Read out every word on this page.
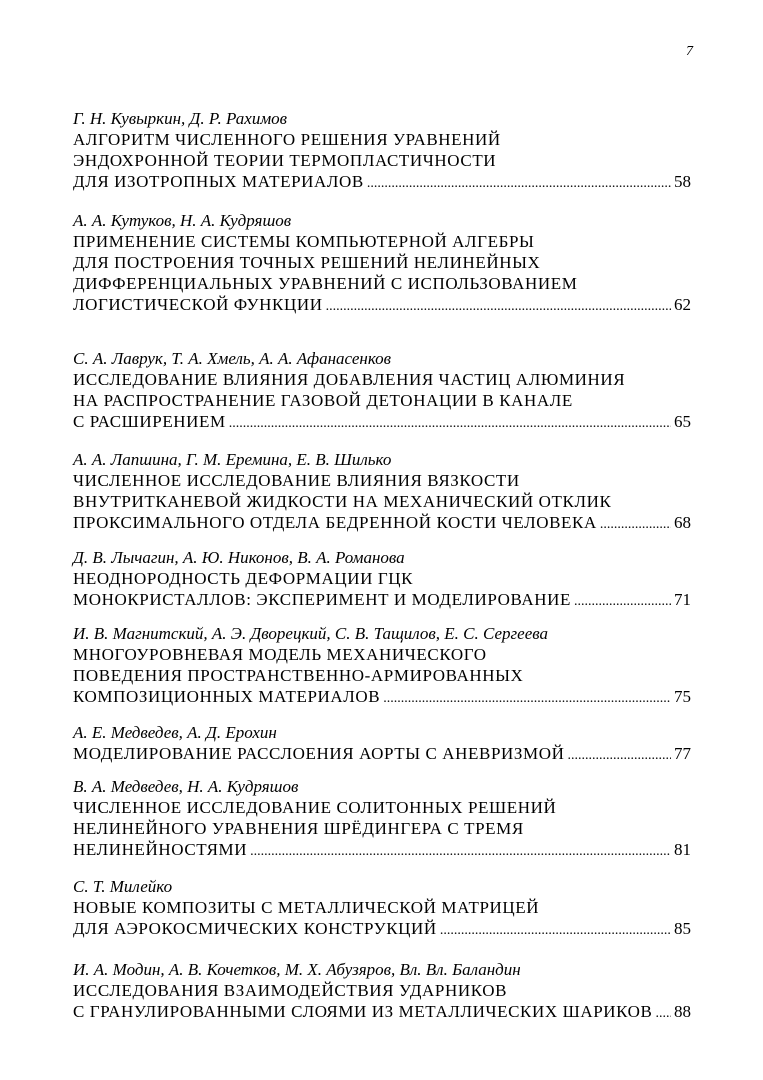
7
Г. Н. Кувыркин, Д. Р. Рахимов
АЛГОРИТМ ЧИСЛЕННОГО РЕШЕНИЯ УРАВНЕНИЙ
ЭНДОХРОННОЙ ТЕОРИИ ТЕРМОПЛАСТИЧНОСТИ
ДЛЯ ИЗОТРОПНЫХ МАТЕРИАЛОВ .....	58
А. А. Кутуков, Н. А. Кудряшов
ПРИМЕНЕНИЕ СИСТЕМЫ КОМПЬЮТЕРНОЙ АЛГЕБРЫ
ДЛЯ ПОСТРОЕНИЯ ТОЧНЫХ РЕШЕНИЙ НЕЛИНЕЙНЫХ
ДИФФЕРЕНЦИАЛЬНЫХ УРАВНЕНИЙ С ИСПОЛЬЗОВАНИЕМ
ЛОГИСТИЧЕСКОЙ ФУНКЦИИ .....	62
С. А. Лаврук, Т. А. Хмель, А. А. Афанасенков
ИССЛЕДОВАНИЕ ВЛИЯНИЯ ДОБАВЛЕНИЯ ЧАСТИЦ АЛЮМИНИЯ
НА РАСПРОСТРАНЕНИЕ ГАЗОВОЙ ДЕТОНАЦИИ В КАНАЛЕ
С РАСШИРЕНИЕМ .....	65
А. А. Лапшина, Г. М. Еремина, Е. В. Шилько
ЧИСЛЕННОЕ ИССЛЕДОВАНИЕ ВЛИЯНИЯ ВЯЗКОСТИ
ВНУТРИТКАНЕВОЙ ЖИДКОСТИ НА МЕХАНИЧЕСКИЙ ОТКЛИК
ПРОКСИМАЛЬНОГО ОТДЕЛА БЕДРЕННОЙ КОСТИ ЧЕЛОВЕКА .....	68
Д. В. Лычагин, А. Ю. Никонов, В. А. Романова
НЕОДНОРОДНОСТЬ ДЕФОРМАЦИИ ГЦК
МОНОКРИСТАЛЛОВ: ЭКСПЕРИМЕНТ И МОДЕЛИРОВАНИЕ .....	71
И. В. Магнитский, А. Э. Дворецкий, С. В. Тащилов, Е. С. Сергеева
МНОГОУРОВНЕВАЯ МОДЕЛЬ МЕХАНИЧЕСКОГО
ПОВЕДЕНИЯ ПРОСТРАНСТВЕННО-АРМИРОВАННЫХ
КОМПОЗИЦИОННЫХ МАТЕРИАЛОВ .....	75
А. Е. Медведев, А. Д. Ерохин
МОДЕЛИРОВАНИЕ РАССЛОЕНИЯ АОРТЫ С АНЕВРИЗМОЙ .....	77
В. А. Медведев, Н. А. Кудряшов
ЧИСЛЕННОЕ ИССЛЕДОВАНИЕ СОЛИТОННЫХ РЕШЕНИЙ
НЕЛИНЕЙНОГО УРАВНЕНИЯ ШРЁДИНГЕРА С ТРЕМЯ
НЕЛИНЕЙНОСТЯМИ .....	81
С. Т. Милейко
НОВЫЕ КОМПОЗИТЫ С МЕТАЛЛИЧЕСКОЙ МАТРИЦЕЙ
ДЛЯ АЭРОКОСМИЧЕСКИХ КОНСТРУКЦИЙ .....	85
И. А. Модин, А. В. Кочетков, М. Х. Абузяров, Вл. Вл. Баландин
ИССЛЕДОВАНИЯ ВЗАИМОДЕЙСТВИЯ УДАРНИКОВ
С ГРАНУЛИРОВАННЫМИ СЛОЯМИ ИЗ МЕТАЛЛИЧЕСКИХ ШАРИКОВ ..... 88
